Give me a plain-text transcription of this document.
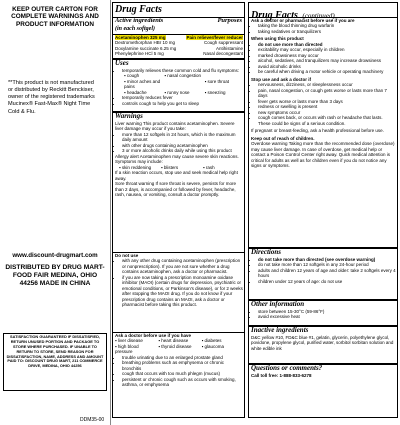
KEEP OUTER CARTON FOR COMPLETE WARNINGS AND PRODUCT INFORMATION
**This product is not manufactured or distributed by Reckitt Benckiser, owner of the registered trademarks Mucinex® Fast-Max® Night Time Cold & Flu.
www.discount-drugmart.com
DISTRIBUTED BY DRUG MART-FOOD FAIR MEDINA, OHIO 44256 MADE IN CHINA
SATISFACTION GUARANTEED IF DISSATISFIED, RETURN UNUSED PORTION AND PACKAGE TO STORE WHERE PURCHASED. IF UNABLE TO RETURN TO STORE, SEND REASON FOR DISSATISFACTION, NAME, ADDRESS AND AMOUNT PAID TO: DISCOUNT DRUG MART, 211 COMMERCE DRIVE, MEDINA, OHIO 44256
DDM35-00
Drug Facts
Active ingredients	Purposes
(in each softgel)
Acetaminophen 325 mg	Pain reliever/fever reducer
Dextromethorphan HBr 10 mg	Cough suppressant
Doxylamine succinate 6.25 mg	Antihistamine
Phenylephrine HCl 5 mg	Nasal decongestant
Uses
• temporarily relieves these common cold and flu symptoms:
▪ cough	▪ nasal congestion
▪ minor aches and pains
▪ sore throat
▪ headache	▪ runny nose	▪ sneezing
• temporarily reduces fever
• controls cough to help you get to sleep
Warnings
Liver warning This product contains acetaminophen. Severe liver damage may occur if you take:
• more than 12 softgels in 24 hours, which is the maximum daily amount
• with other drugs containing acetaminophen
• 3 or more alcoholic drinks daily while using this product
Allergy alert Acetaminophen may cause severe skin reactions. Symptoms may include:
▪ skin reddening	▪ blisters	▪ rash
If a skin reaction occurs, stop use and seek medical help right away.
Sore throat warning If sore throat is severe, persists for more than 2 days, is accompanied or followed by fever, headache, rash, nausea, or vomiting, consult a doctor promptly.
Do not use
• with any other drug containing acetaminophen (prescription or nonprescription). If you are not sure whether a drug contains acetaminophen, ask a doctor or pharmacist.
• if you are now taking a prescription monoamine oxidase inhibitor (MAOI) (certain drugs for depression, psychiatric or emotional conditions, or Parkinson's disease), or for 2 weeks after stopping the MAOI drug. If you do not know if your prescription drug contains an MAOI, ask a doctor or pharmacist before taking this product.
Ask a doctor before use if you have
▪ liver disease	▪ heart disease	▪ diabetes
▪ high blood pressure
▪ thyroid disease	▪ glaucoma
• trouble urinating due to an enlarged prostate gland
• breathing problems such as emphysema or chronic bronchitis
• cough that occurs with too much phlegm (mucus)
• persistent or chronic cough such as occurs with smoking, asthma, or emphysema
Drug Facts (continued)
Ask a doctor or pharmacist before use if you are
• taking the blood thinning drug warfarin
• taking sedatives or tranquilizers
When using this product
• do not use more than directed
• excitability may occur, especially in children
• marked drowsiness may occur
• alcohol, sedatives, and tranquilizers may increase drowsiness
• avoid alcoholic drinks
• be careful when driving a motor vehicle or operating machinery
Stop use and ask a doctor if
• nervousness, dizziness, or sleeplessness occur
• pain, nasal congestion, or cough gets worse or lasts more than 7 days
• fever gets worse or lasts more than 3 days
• redness or swelling is present
• new symptoms occur
• cough comes back, or occurs with rash or headache that lasts. These could be signs of a serious condition.
If pregnant or breast-feeding, ask a health professional before use.
Keep out of reach of children.
Overdose warning Taking more than the recommended dose (overdose) may cause liver damage. In case of overdose, get medical help or contact a Poison Control Center right away. Quick medical attention is critical for adults as well as for children even if you do not notice any signs or symptoms.
Directions
• do not take more than directed (see overdose warning)
• do not take more than 12 softgels in any 24-hour period
• adults and children 12 years of age and older: take 2 softgels every 4 hours
• children under 12 years of age: do not use
Other information
• store between 15-30°C (59-86°F)
• avoid excessive heat
Inactive ingredients
D&C yellow #10, FD&C blue #1, gelatin, glycerin, polyethylene glycol, povidone, propylene glycol, purified water, sorbitol sorbitan solution and white edible ink
Questions or comments?
Call toll free: 1-888-833-6278
